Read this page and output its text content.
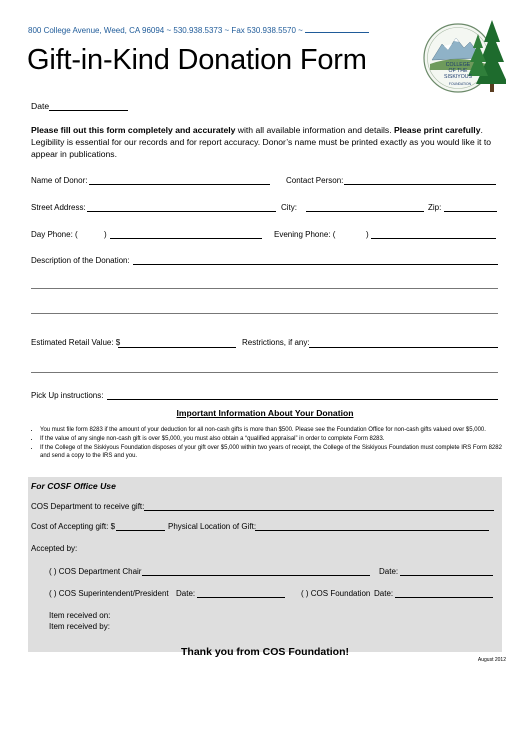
800 College Avenue, Weed, CA 96094 ~ 530.938.5373 ~ Fax 530.938.5570 ~
Gift-in-Kind Donation Form	COLLEGE
OF THE
SISKIYOUS
FOUNDATION
Date
Please fill out this form completely and accurately with all available information and details. Please print carefully. Legibility is essential for our records and for report accuracy. Donor’s name must be printed exactly as you would like it to appear in publications.
Name of Donor:	Contact Person:
Street Address:	City:	Zip:
Day Phone: (	)	Evening Phone: (	)
Description of the Donation:
Estimated Retail Value: $	Restrictions, if any:
Pick Up instructions:
Important Information About Your Donation
• You must file form 8283 if the amount of your deduction for all non-cash gifts is more than $500. Please see the Foundation Office for non-cash gifts valued over $5,000.
• If the value of any single non-cash gift is over $5,000, you must also obtain a “qualified appraisal” in order to complete Form 8283.
• If the College of the Siskiyous Foundation disposes of your gift over $5,000 within two years of receipt, the College of the Siskiyous Foundation must complete IRS Form 8282 and send a copy to the IRS and you.
For COSF Office Use
COS Department to receive gift:
Cost of Accepting gift: $	Physical Location of Gift:
Accepted by:
( ) COS Department Chair	Date:
( ) COS Superintendent/President Date:	( ) COS Foundation Date:
Item received on:
Item received by:
Thank you from COS Foundation!
August 2012
